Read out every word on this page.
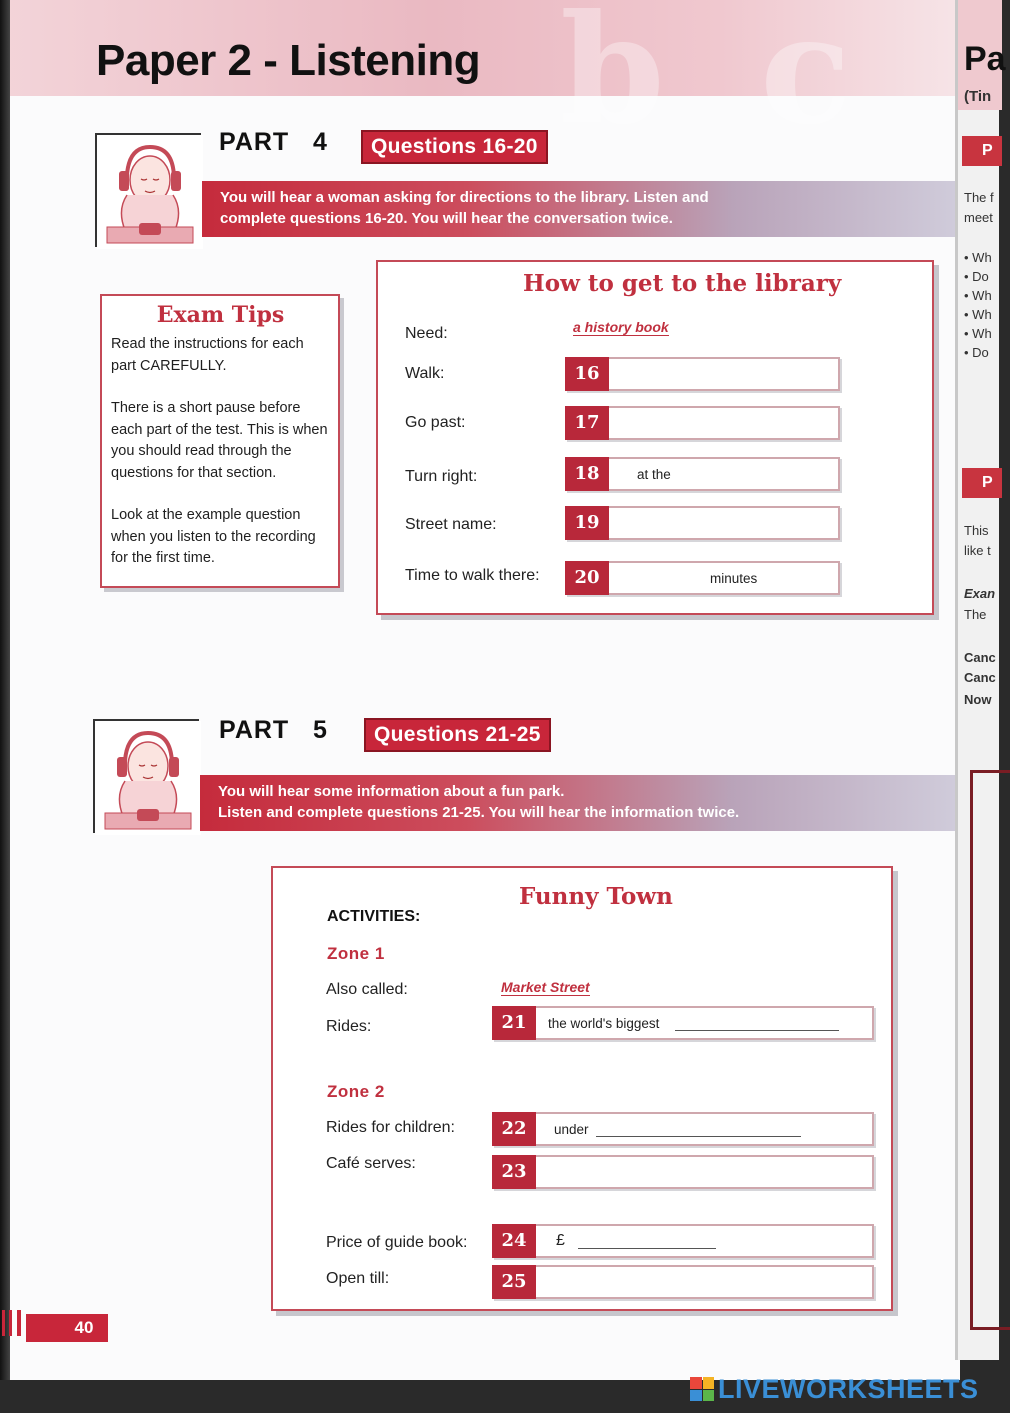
b c
Paper 2 - Listening
PART 4	Questions 16-20
You will hear a woman asking for directions to the library. Listen and
complete questions 16-20. You will hear the conversation twice.
Exam Tips

Read the instructions for each part CAREFULLY.

There is a short pause before each part of the test. This is when you should read through the questions for that section.

Look at the example question when you listen to the recording for the first time.

How to get to the library
Need:	a history book
Walk:	16
Go past:	17
Turn right:	18	at the
Street name:	19
Time to walk there:	20	minutes
PART 5	Questions 21-25
You will hear some information about a fun park.
Listen and complete questions 21-25. You will hear the information twice.
Funny Town
ACTIVITIES:
Zone 1
Also called:	Market Street
Rides:	21	the world's biggest
Zone 2
Rides for children:	22	under
Café serves:	23
Price of guide book:	24	£
Open till:	25
40
Pa
(Tin
P
The f
meet
• Wh
• Do
• Wh
• Wh
• Wh
• Do
P
This
like t
Exan
The
Canc
Canc
Now
LIVEWORKSHEETS
